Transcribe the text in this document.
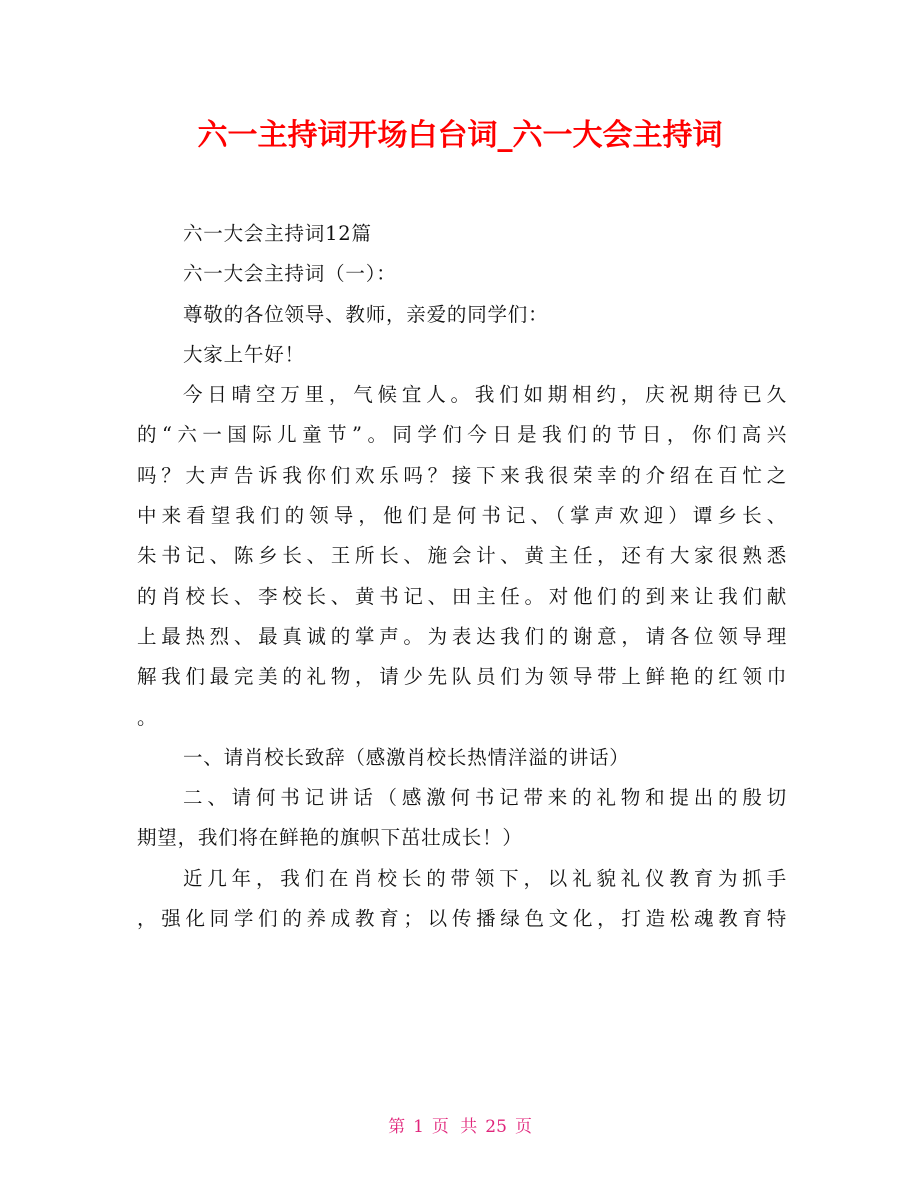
六一主持词开场白台词_六一大会主持词
六一大会主持词12篇
六一大会主持词（一）：
尊敬的各位领导、教师，亲爱的同学们：
大家上午好！
今日晴空万里，气候宜人。我们如期相约，庆祝期待已久
的“六一国际儿童节”。同学们今日是我们的节日，你们高兴
吗？大声告诉我你们欢乐吗？接下来我很荣幸的介绍在百忙之
中来看望我们的领导，他们是何书记、（掌声欢迎）谭乡长、
朱书记、陈乡长、王所长、施会计、黄主任，还有大家很熟悉
的肖校长、李校长、黄书记、田主任。对他们的到来让我们献
上最热烈、最真诚的掌声。为表达我们的谢意，请各位领导理
解我们最完美的礼物，请少先队员们为领导带上鲜艳的红领巾
。
一、请肖校长致辞（感激肖校长热情洋溢的讲话）
二、请何书记讲话（感激何书记带来的礼物和提出的殷切
期望，我们将在鲜艳的旗帜下茁壮成长！）
近几年，我们在肖校长的带领下，以礼貌礼仪教育为抓手
，强化同学们的养成教育；以传播绿色文化，打造松魂教育特
第 1 页 共 25 页
